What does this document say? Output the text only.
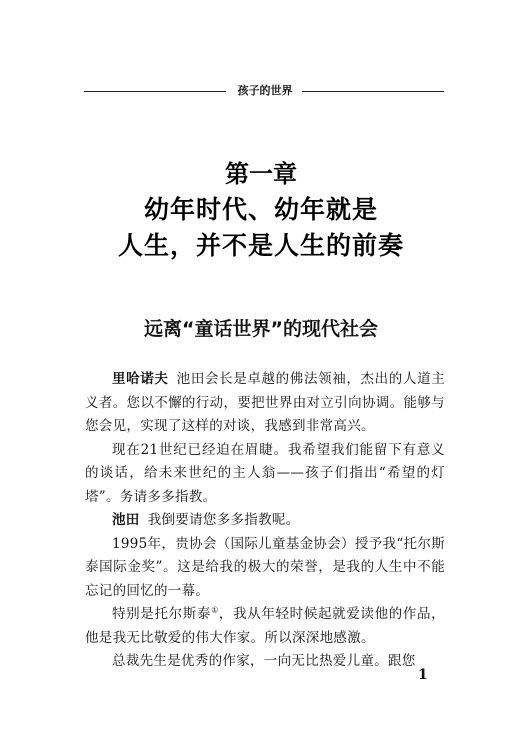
孩子的世界
第一章
幼年时代、幼年就是
人生，并不是人生的前奏
远离“童话世界”的现代社会

里哈诺夫 池田会长是卓越的佛法领袖，杰出的人道主义者。您以不懈的行动，要把世界由对立引向协调。能够与您会见，实现了这样的对谈，我感到非常高兴。

现在21世纪已经迫在眉睫。我希望我们能留下有意义的谈话，给未来世纪的主人翁——孩子们指出“希望的灯塔”。务请多多指教。

池田 我倒要请您多多指教呢。

1995年，贵协会（国际儿童基金协会）授予我“托尔斯泰国际金奖”。这是给我的极大的荣誉，是我的人生中不能忘记的回忆的一幕。

特别是托尔斯泰①，我从年轻时候起就爱读他的作品，他是我无比敬爱的伟大作家。所以深深地感激。

总裁先生是优秀的作家，一向无比热爱儿童。跟您

1
